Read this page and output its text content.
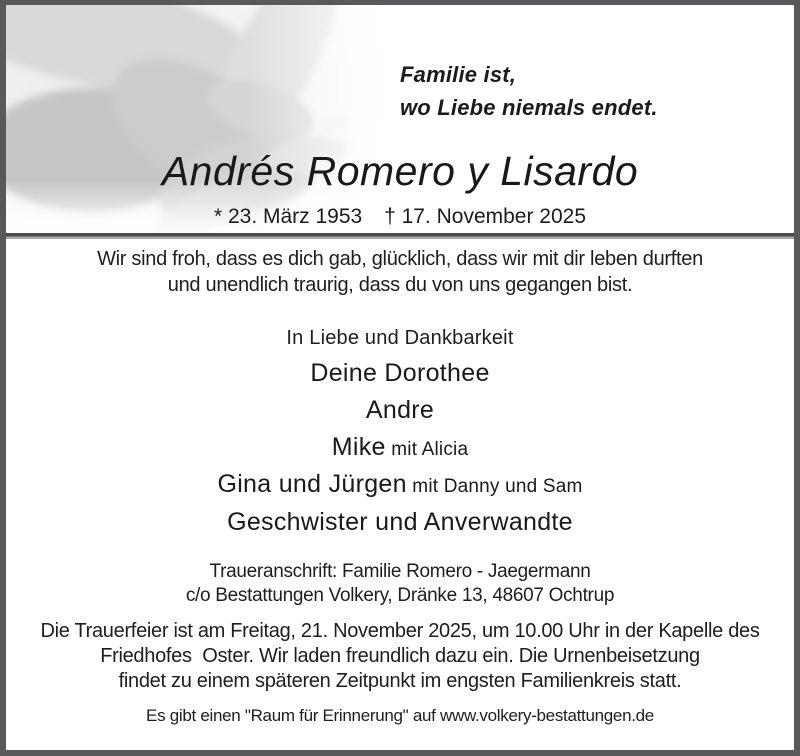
Familie ist,
wo Liebe niemals endet.
Andrés Romero y Lisardo
* 23. März 1953 † 17. November 2025
Wir sind froh, dass es dich gab, glücklich, dass wir mit dir leben durften
und unendlich traurig, dass du von uns gegangen bist.
In Liebe und Dankbarkeit
Deine Dorothee
Andre
Mike mit Alicia
Gina und Jürgen mit Danny und Sam
Geschwister und Anverwandte
Traueranschrift: Familie Romero - Jaegermann
c/o Bestattungen Volkery, Dränke 13, 48607 Ochtrup
Die Trauerfeier ist am Freitag, 21. November 2025, um 10.00 Uhr in der Kapelle des
Friedhofes  Oster. Wir laden freundlich dazu ein. Die Urnenbeisetzung
findet zu einem späteren Zeitpunkt im engsten Familienkreis statt.
Es gibt einen "Raum für Erinnerung" auf www.volkery-bestattungen.de
